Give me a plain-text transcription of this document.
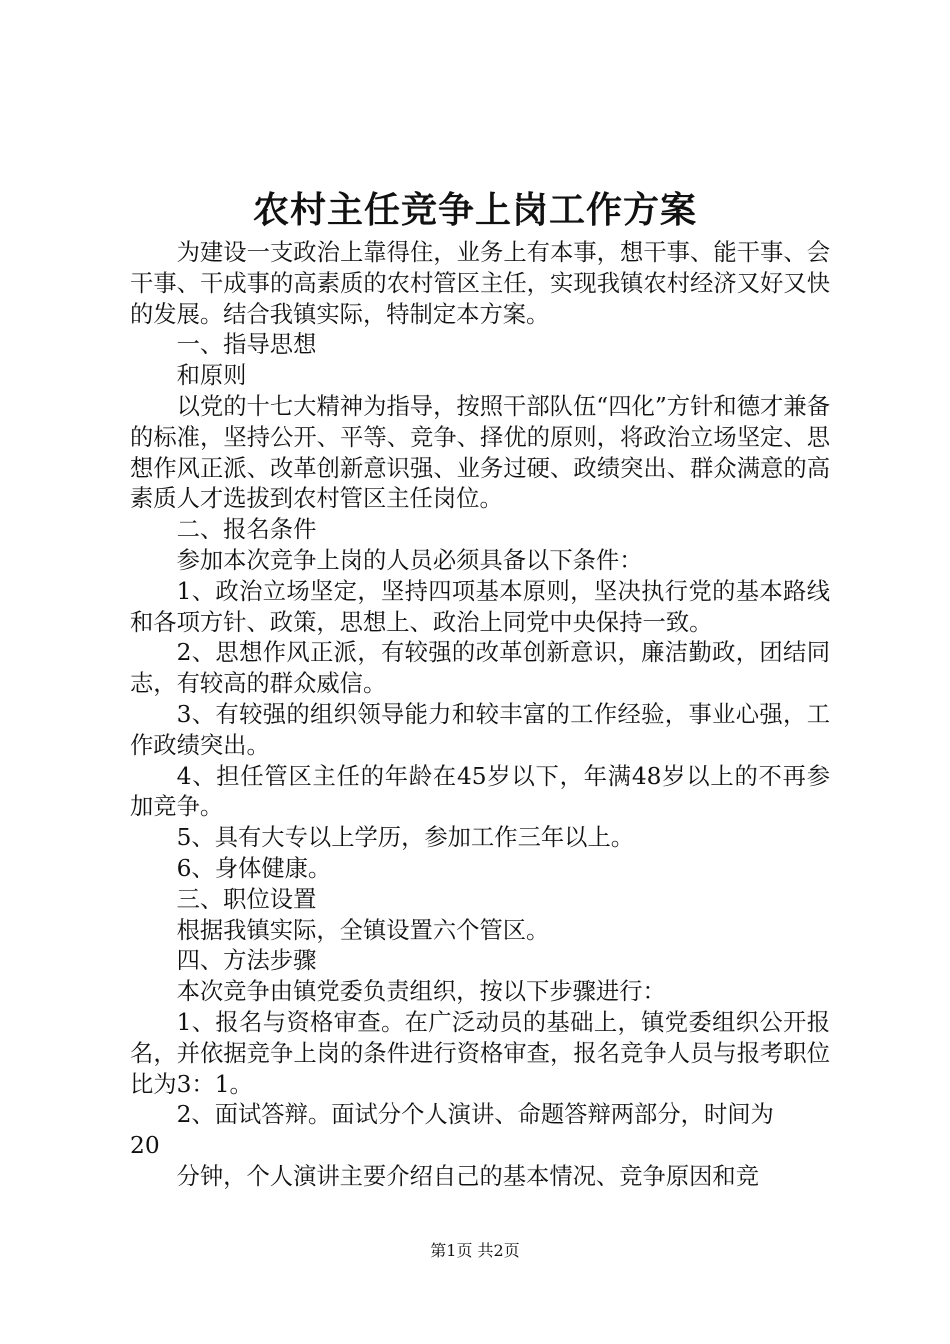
农村主任竞争上岗工作方案

为建设一支政治上靠得住，业务上有本事，想干事、能干事、会干事、干成事的高素质的农村管区主任，实现我镇农村经济又好又快的发展。结合我镇实际，特制定本方案。

一、指导思想

和原则

以党的十七大精神为指导，按照干部队伍“四化”方针和德才兼备的标准，坚持公开、平等、竞争、择优的原则，将政治立场坚定、思想作风正派、改革创新意识强、业务过硬、政绩突出、群众满意的高素质人才选拔到农村管区主任岗位。

二、报名条件

参加本次竞争上岗的人员必须具备以下条件：

1、政治立场坚定，坚持四项基本原则，坚决执行党的基本路线和各项方针、政策，思想上、政治上同党中央保持一致。

2、思想作风正派，有较强的改革创新意识，廉洁勤政，团结同志，有较高的群众威信。

3、有较强的组织领导能力和较丰富的工作经验，事业心强，工作政绩突出。

4、担任管区主任的年龄在45岁以下，年满48岁以上的不再参加竞争。

5、具有大专以上学历，参加工作三年以上。

6、身体健康。

三、职位设置

根据我镇实际，全镇设置六个管区。

四、方法步骤

本次竞争由镇党委负责组织，按以下步骤进行：

1、报名与资格审查。在广泛动员的基础上，镇党委组织公开报名，并依据竞争上岗的条件进行资格审查，报名竞争人员与报考职位比为3：1。

2、面试答辩。面试分个人演讲、命题答辩两部分，时间为

20

分钟，个人演讲主要介绍自己的基本情况、竞争原因和竞

第1页 共2页
